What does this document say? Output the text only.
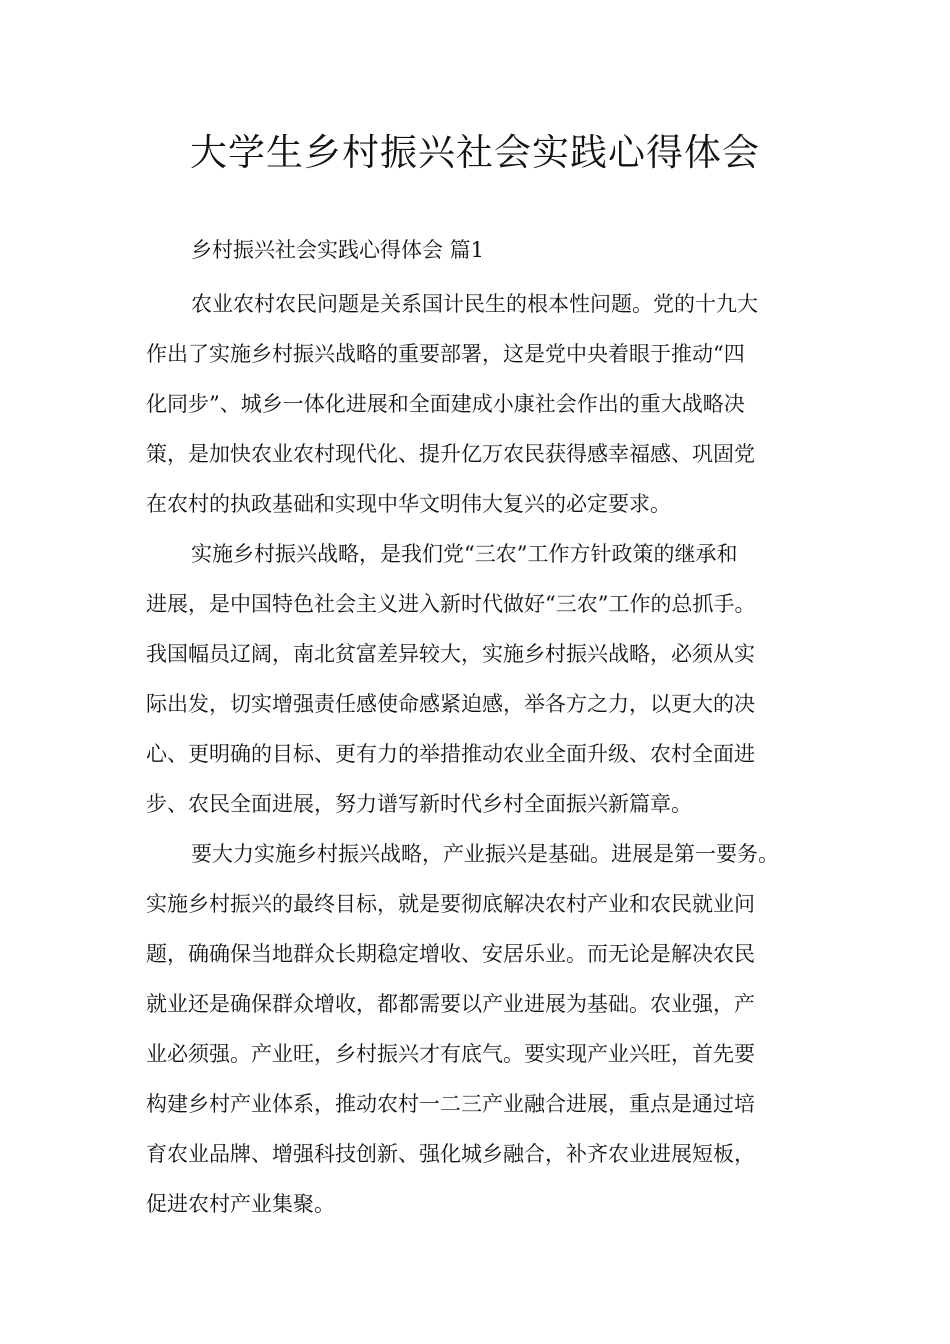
大学生乡村振兴社会实践心得体会

乡村振兴社会实践心得体会 篇1

农业农村农民问题是关系国计民生的根本性问题。党的十九大
作出了实施乡村振兴战略的重要部署，这是党中央着眼于推动“四
化同步”、城乡一体化进展和全面建成小康社会作出的重大战略决
策，是加快农业农村现代化、提升亿万农民获得感幸福感、巩固党
在农村的执政基础和实现中华文明伟大复兴的必定要求。

实施乡村振兴战略，是我们党“三农”工作方针政策的继承和
进展，是中国特色社会主义进入新时代做好“三农”工作的总抓手。
我国幅员辽阔，南北贫富差异较大，实施乡村振兴战略，必须从实
际出发，切实增强责任感使命感紧迫感，举各方之力，以更大的决
心、更明确的目标、更有力的举措推动农业全面升级、农村全面进
步、农民全面进展，努力谱写新时代乡村全面振兴新篇章。

要大力实施乡村振兴战略，产业振兴是基础。进展是第一要务。
实施乡村振兴的最终目标，就是要彻底解决农村产业和农民就业问
题，确确保当地群众长期稳定增收、安居乐业。而无论是解决农民
就业还是确保群众增收，都都需要以产业进展为基础。农业强，产
业必须强。产业旺，乡村振兴才有底气。要实现产业兴旺，首先要
构建乡村产业体系，推动农村一二三产业融合进展，重点是通过培
育农业品牌、增强科技创新、强化城乡融合，补齐农业进展短板，
促进农村产业集聚。
